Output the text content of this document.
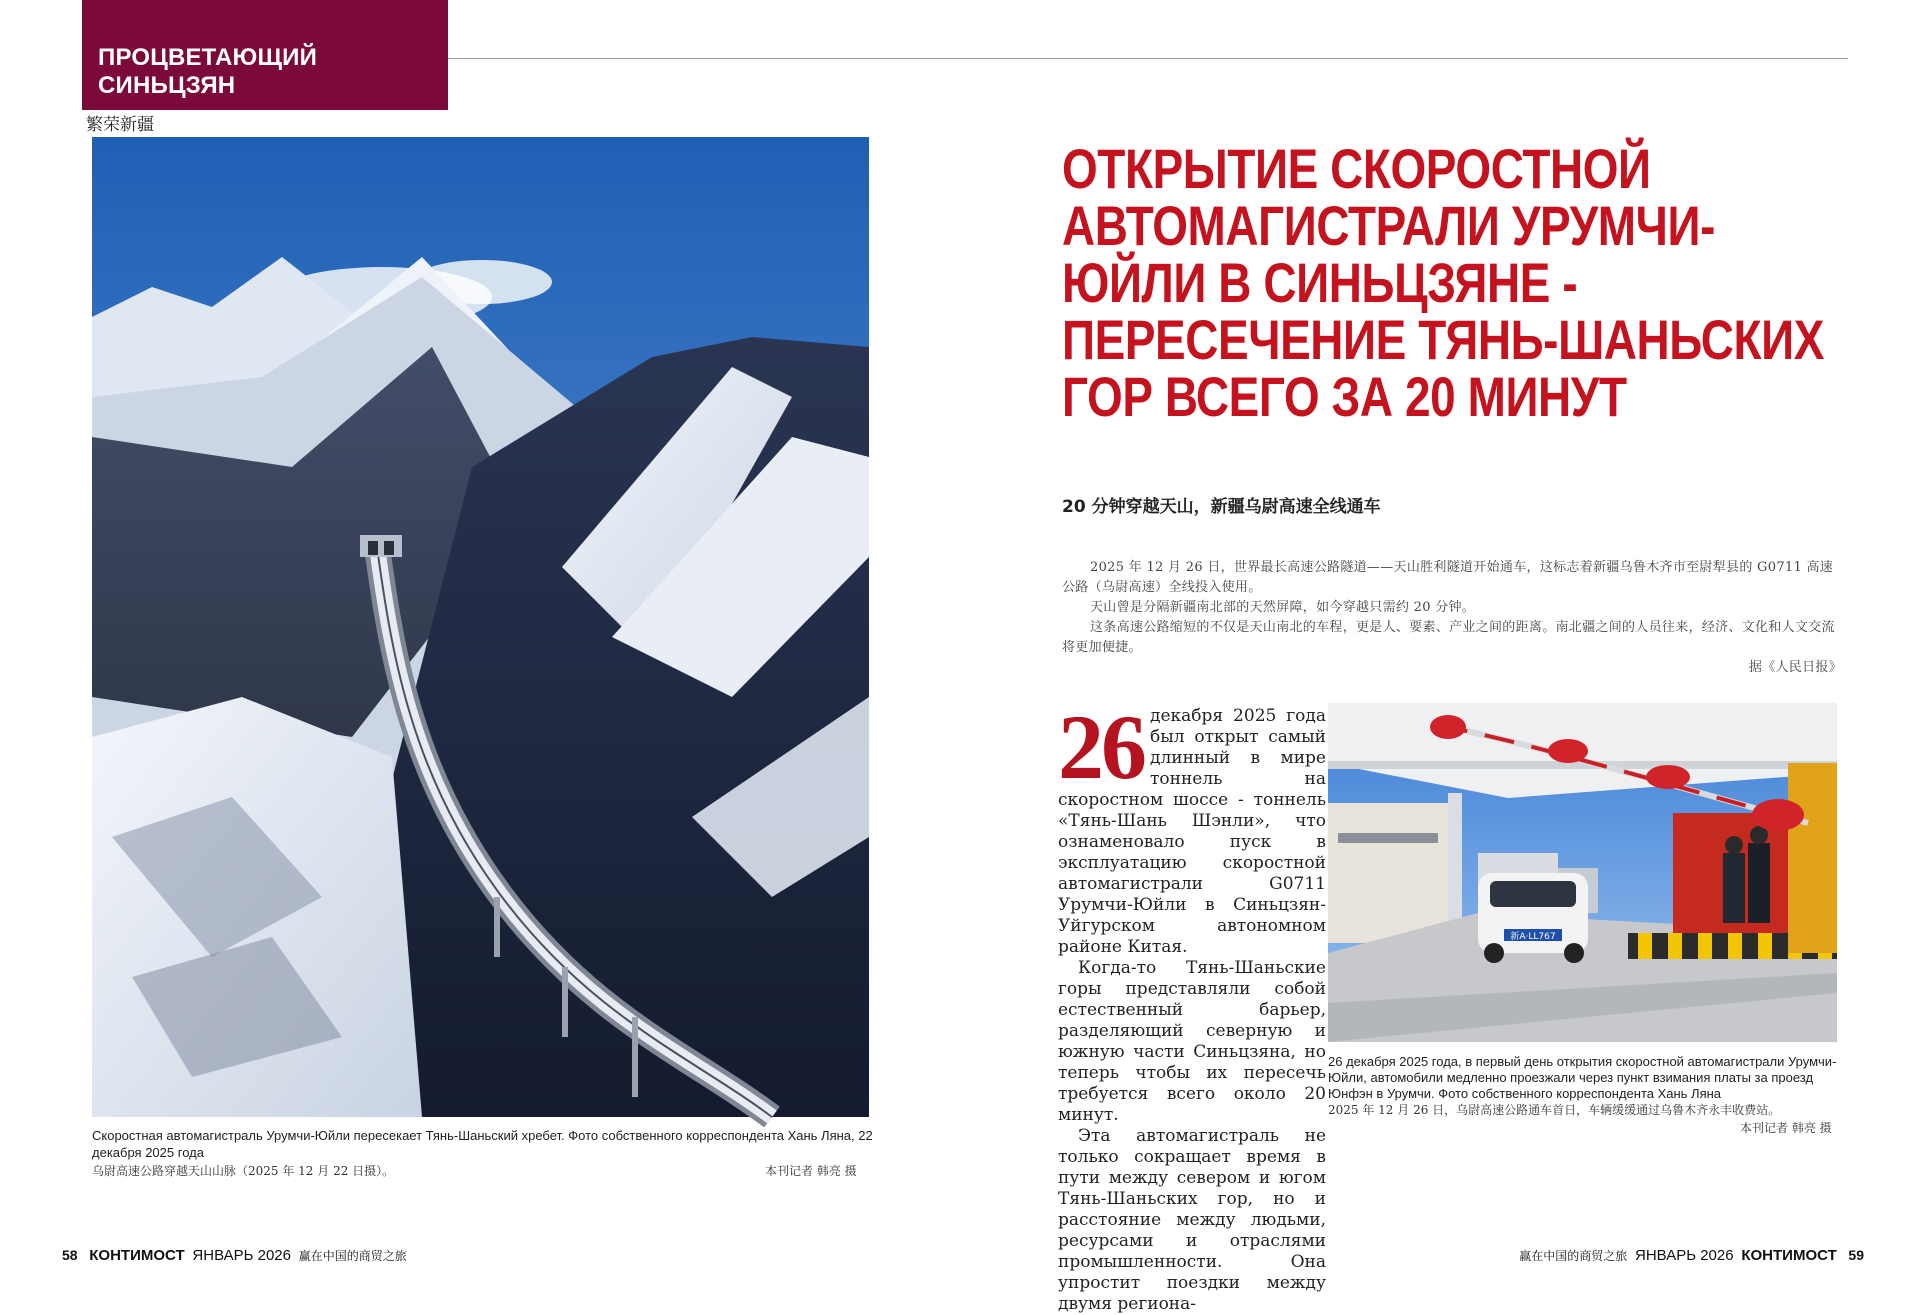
ПРОЦВЕТАЮЩИЙ
СИНЬЦЗЯН
繁荣新疆
Скоростная автомагистраль Урумчи-Юйли пересекает Тянь-Шаньский хребет. Фото собственного корреспондента Хань Ляна, 22 декабря 2025 года
乌尉高速公路穿越天山山脉（2025 年 12 月 22 日摄）。	本刊记者 韩亮 摄
ОТКРЫТИЕ СКОРОСТНОЙ
АВТОМАГИСТРАЛИ УРУМЧИ-
ЮЙЛИ В СИНЬЦЗЯНЕ -
ПЕРЕСЕЧЕНИЕ ТЯНЬ-ШАНЬСКИХ
ГОР ВСЕГО ЗА 20 МИНУТ
20 分钟穿越天山，新疆乌尉高速全线通车

2025 年 12 月 26 日，世界最长高速公路隧道——天山胜利隧道开始通车，这标志着新疆乌鲁木齐市至尉犁县的 G0711 高速公路（乌尉高速）全线投入使用。

天山曾是分隔新疆南北部的天然屏障，如今穿越只需约 20 分钟。

这条高速公路缩短的不仅是天山南北的车程，更是人、要素、产业之间的距离。南北疆之间的人员往来，经济、文化和人文交流将更加便捷。

据《人民日报》
26 декабря 2025 года был открыт самый длинный в мире тоннель на скоростном шоссе - тоннель «Тянь-Шань Шэнли», что ознаменовало пуск в эксплуатацию скоростной автомагистрали G0711 Урумчи-Юйли в Синьцзян-Уйгурском автономном районе Китая.

Когда-то Тянь-Шаньские горы представляли собой естественный барьер, разделяющий северную и южную части Синьцзяна, но теперь чтобы их пересечь требуется всего около 20 минут.

Эта автомагистраль не только сокращает время в пути между севером и югом Тянь-Шаньских гор, но и расстояние между людьми, ресурсами и отраслями промышленности. Она упростит поездки между двумя региона-

新A·LL767
26 декабря 2025 года, в первый день открытия скоростной автомагистрали Урумчи-Юйли, автомобили медленно проезжали через пункт взимания платы за проезд Юнфэн в Урумчи. Фото собственного корреспондента Хань Ляна
2025 年 12 月 26 日，乌尉高速公路通车首日，车辆缓缓通过乌鲁木齐永丰收费站。
本刊记者 韩亮 摄
58 КОНТИМОСТ ЯНВАРЬ 2026 赢在中国的商贸之旅	赢在中国的商贸之旅 ЯНВАРЬ 2026 КОНТИМОСТ 59
